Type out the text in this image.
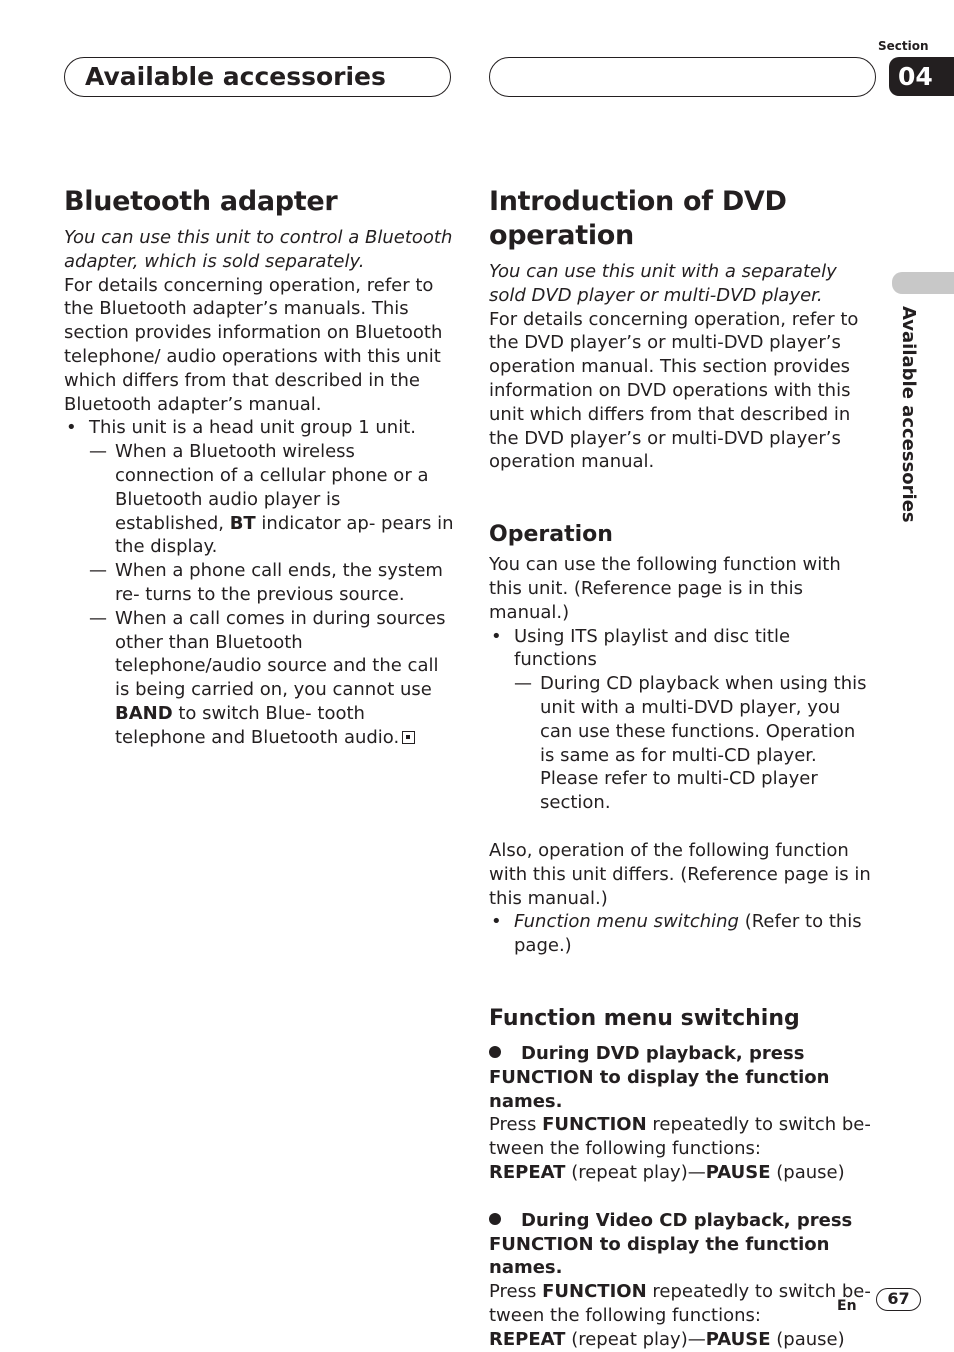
Available accessories
Section
04
Available accessories
Bluetooth adapter

You can use this unit to control a Bluetooth adapter, which is sold separately.

For details concerning operation, refer to the Bluetooth adapter’s manuals. This section provides information on Bluetooth telephone/ audio operations with this unit which differs from that described in the Bluetooth adapter’s manual.

• This unit is a head unit group 1 unit.

— When a Bluetooth wireless connection of a cellular phone or a Bluetooth audio player is established, BT indicator ap- pears in the display.

— When a phone call ends, the system re- turns to the previous source.

— When a call comes in during sources other than Bluetooth telephone/audio source and the call is being carried on, you cannot use BAND to switch Blue- tooth telephone and Bluetooth audio.

Introduction of DVD operation

You can use this unit with a separately sold DVD player or multi-DVD player.

For details concerning operation, refer to the DVD player’s or multi-DVD player’s operation manual. This section provides information on DVD operations with this unit which differs from that described in the DVD player’s or multi-DVD player’s operation manual.

Operation

You can use the following function with this unit. (Reference page is in this manual.)

• Using ITS playlist and disc title functions

— During CD playback when using this unit with a multi-DVD player, you can use these functions. Operation is same as for multi-CD player. Please refer to multi-CD player section.

Also, operation of the following function with this unit differs. (Reference page is in this manual.)

• Function menu switching (Refer to this page.)

Function menu switching

During DVD playback, press FUNCTION to display the function names.

Press FUNCTION repeatedly to switch be- tween the following functions:

REPEAT (repeat play)—PAUSE (pause)

During Video CD playback, press FUNCTION to display the function names.

Press FUNCTION repeatedly to switch be- tween the following functions:

REPEAT (repeat play)—PAUSE (pause)

En	67
